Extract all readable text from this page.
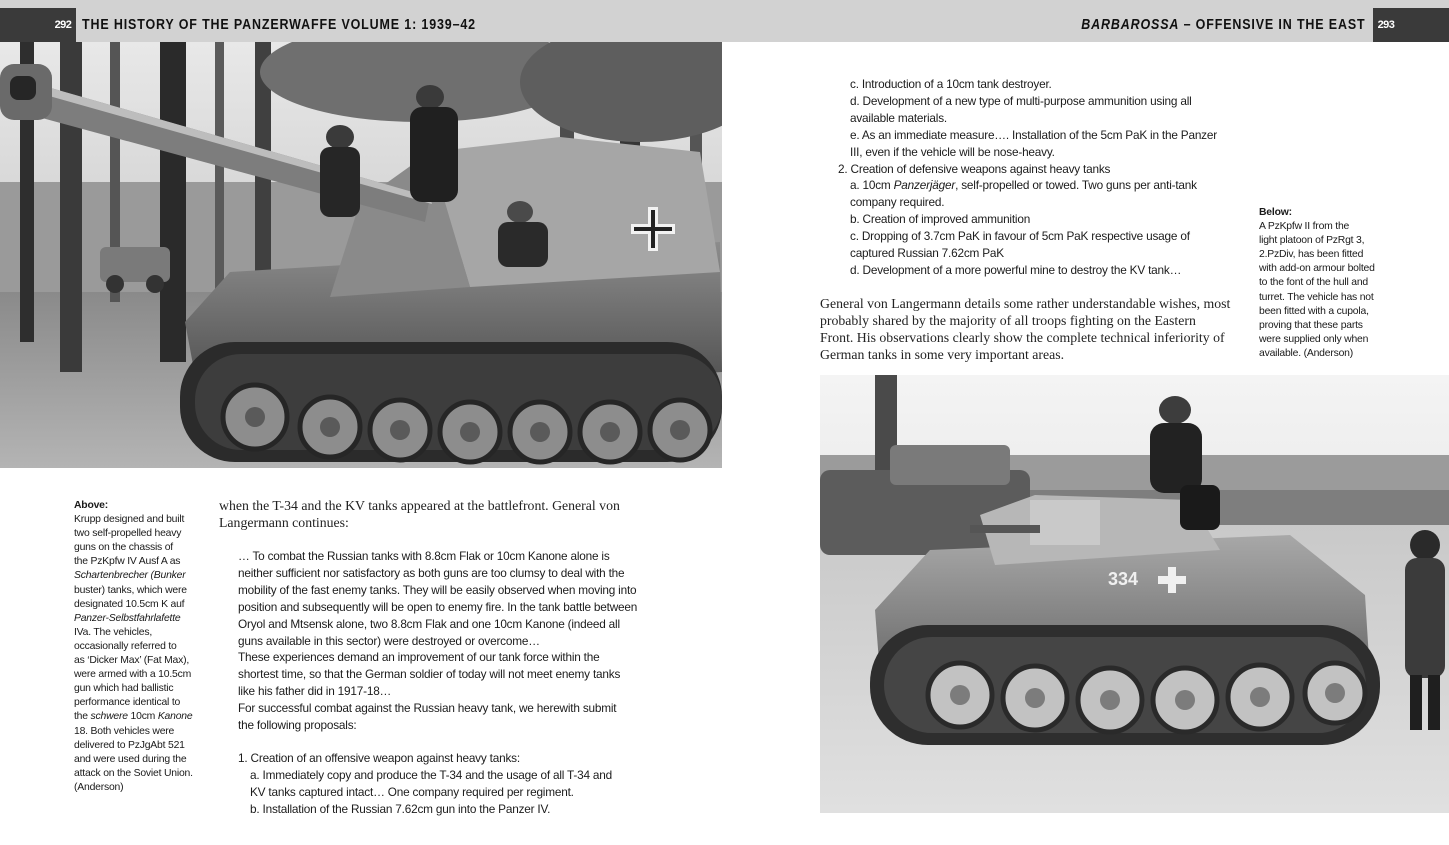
292 THE HISTORY OF THE PANZERWAFFE VOLUME 1: 1939–42
Above:
Krupp designed and built
two self-propelled heavy
guns on the chassis of
the PzKpfw IV Ausf A as
Schartenbrecher (Bunker
buster) tanks, which were
designated 10.5cm K auf
Panzer-Selbstfahrlafette
IVa. The vehicles,
occasionally referred to
as ‘Dicker Max’ (Fat Max),
were armed with a 10.5cm
gun which had ballistic
performance identical to
the schwere 10cm Kanone
18. Both vehicles were
delivered to PzJgAbt 521
and were used during the
attack on the Soviet Union.
(Anderson)
when the T-34 and the KV tanks appeared at the battlefront. General von
Langermann continues:

… To combat the Russian tanks with 8.8cm Flak or 10cm Kanone alone is

neither sufficient nor satisfactory as both guns are too clumsy to deal with the

mobility of the fast enemy tanks. They will be easily observed when moving into

position and subsequently will be open to enemy fire. In the tank battle between

Oryol and Mtsensk alone, two 8.8cm Flak and one 10cm Kanone (indeed all

guns available in this sector) were destroyed or overcome…

These experiences demand an improvement of our tank force within the

shortest time, so that the German soldier of today will not meet enemy tanks

like his father did in 1917-18…

For successful combat against the Russian heavy tank, we herewith submit

the following proposals:

1. Creation of an offensive weapon against heavy tanks:

a. Immediately copy and produce the T-34 and the usage of all T-34 and

KV tanks captured intact… One company required per regiment.

b. Installation of the Russian 7.62cm gun into the Panzer IV.

293
BARBAROSSA – OFFENSIVE IN THE EAST

c. Introduction of a 10cm tank destroyer.

d. Development of a new type of multi-purpose ammunition using all

available materials.

e. As an immediate measure…. Installation of the 5cm PaK in the Panzer

III, even if the vehicle will be nose-heavy.

2. Creation of defensive weapons against heavy tanks

a. 10cm Panzerjäger, self-propelled or towed. Two guns per anti-tank

company required.

b. Creation of improved ammunition

c. Dropping of 3.7cm PaK in favour of 5cm PaK respective usage of

captured Russian 7.62cm PaK

d. Development of a more powerful mine to destroy the KV tank…

General von Langermann details some rather understandable wishes, most
probably shared by the majority of all troops fighting on the Eastern
Front. His observations clearly show the complete technical inferiority of
German tanks in some very important areas.
Below:
A PzKpfw II from the
light platoon of PzRgt 3,
2.PzDiv, has been fitted
with add-on armour bolted
to the font of the hull and
turret. The vehicle has not
been fitted with a cupola,
proving that these parts
were supplied only when
available. (Anderson)
334
